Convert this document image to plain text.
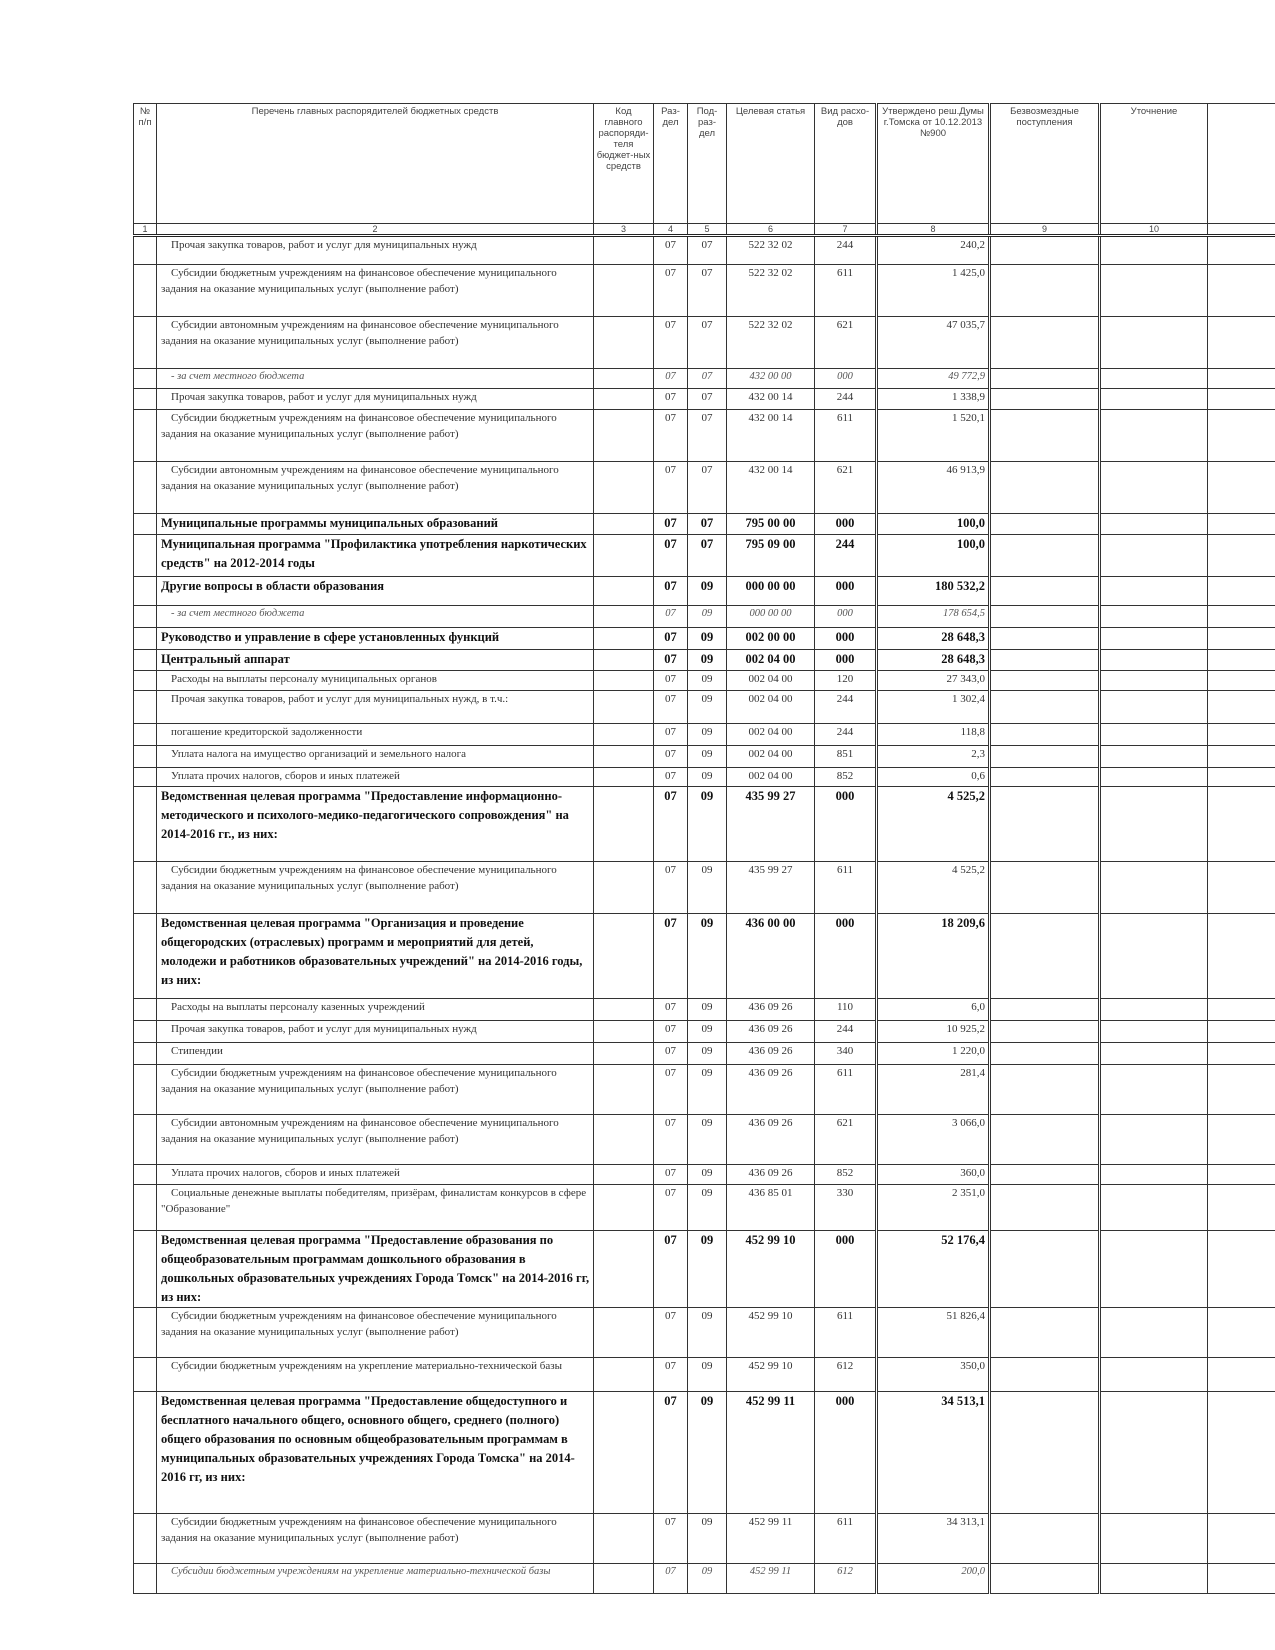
№ п/п	Перечень главных распорядителей бюджетных средств	Код главного распоряди-теля бюджет-ных средств	Раз-дел	Под-раз-дел	Целевая статья	Вид расхо-дов	Утверждено реш.Думы г.Томска от 10.12.2013 №900	Безвозмездные поступления	Уточнение	
1	2	3	4	5	6	7	8	9	10	
	Прочая закупка товаров, работ и услуг для муниципальных нужд		07	07	522 32 02	244	240,2			
	Субсидии бюджетным учреждениям на финансовое обеспечение муниципального задания на оказание муниципальных услуг (выполнение работ)		07	07	522 32 02	611	1 425,0			
	Субсидии автономным учреждениям на финансовое обеспечение муниципального задания на оказание муниципальных услуг (выполнение работ)		07	07	522 32 02	621	47 035,7			
	- за счет местного бюджета		07	07	432 00 00	000	49 772,9			
	Прочая закупка товаров, работ и услуг для муниципальных нужд		07	07	432 00 14	244	1 338,9			
	Субсидии бюджетным учреждениям на финансовое обеспечение муниципального задания на оказание муниципальных услуг (выполнение работ)		07	07	432 00 14	611	1 520,1			
	Субсидии автономным учреждениям на финансовое обеспечение муниципального задания на оказание муниципальных услуг (выполнение работ)		07	07	432 00 14	621	46 913,9			
	Муниципальные программы муниципальных образований		07	07	795 00 00	000	100,0			
	Муниципальная программа "Профилактика употребления наркотических средств" на 2012-2014 годы		07	07	795 09 00	244	100,0			
	Другие вопросы в области образования		07	09	000 00 00	000	180 532,2			
	- за счет местного бюджета		07	09	000 00 00	000	178 654,5			
	Руководство и управление в сфере установленных функций		07	09	002 00 00	000	28 648,3			
	Центральный аппарат		07	09	002 04 00	000	28 648,3			
	Расходы на выплаты персоналу муниципальных органов		07	09	002 04 00	120	27 343,0			
	Прочая закупка товаров, работ и услуг для муниципальных нужд, в т.ч.:		07	09	002 04 00	244	1 302,4			
	погашение кредиторской задолженности		07	09	002 04 00	244	118,8			
	Уплата налога на имущество организаций и земельного налога		07	09	002 04 00	851	2,3			
	Уплата прочих налогов, сборов и иных платежей		07	09	002 04 00	852	0,6			
	Ведомственная целевая программа "Предоставление информационно-методического и психолого-медико-педагогического сопровождения" на 2014-2016 гг., из них:		07	09	435 99 27	000	4 525,2			
	Субсидии бюджетным учреждениям на финансовое обеспечение муниципального задания на оказание муниципальных услуг (выполнение работ)		07	09	435 99 27	611	4 525,2			
	Ведомственная целевая программа "Организация и проведение общегородских (отраслевых) программ и мероприятий для детей, молодежи и работников образовательных учреждений" на 2014-2016 годы, из них:		07	09	436 00 00	000	18 209,6			
	Расходы на выплаты персоналу казенных учреждений		07	09	436 09 26	110	6,0			
	Прочая закупка товаров, работ и услуг для муниципальных нужд		07	09	436 09 26	244	10 925,2			
	Стипендии		07	09	436 09 26	340	1 220,0			
	Субсидии бюджетным учреждениям на финансовое обеспечение муниципального задания на оказание муниципальных услуг (выполнение работ)		07	09	436 09 26	611	281,4			
	Субсидии автономным учреждениям на финансовое обеспечение муниципального задания на оказание муниципальных услуг (выполнение работ)		07	09	436 09 26	621	3 066,0			
	Уплата прочих налогов, сборов и иных платежей		07	09	436 09 26	852	360,0			
	Социальные денежные выплаты победителям, призёрам, финалистам конкурсов в сфере "Образование"		07	09	436 85 01	330	2 351,0			
	Ведомственная целевая программа "Предоставление образования по общеобразовательным программам дошкольного образования в дошкольных образовательных учреждениях Города Томск" на 2014-2016 гг, из них:		07	09	452 99 10	000	52 176,4			
	Субсидии бюджетным учреждениям на финансовое обеспечение муниципального задания на оказание муниципальных услуг (выполнение работ)		07	09	452 99 10	611	51 826,4			
	Субсидии бюджетным учреждениям на укрепление материально-технической базы		07	09	452 99 10	612	350,0			
	Ведомственная целевая программа "Предоставление общедоступного и бесплатного начального общего, основного общего, среднего (полного) общего образования по основным общеобразовательным программам в муниципальных образовательных учреждениях Города Томска" на 2014-2016 гг, из них:		07	09	452 99 11	000	34 513,1			
	Субсидии бюджетным учреждениям на финансовое обеспечение муниципального задания на оказание муниципальных услуг (выполнение работ)		07	09	452 99 11	611	34 313,1			
	Субсидии бюджетным учреждениям на укрепление материально-технической базы		07	09	452 99 11	612	200,0			
